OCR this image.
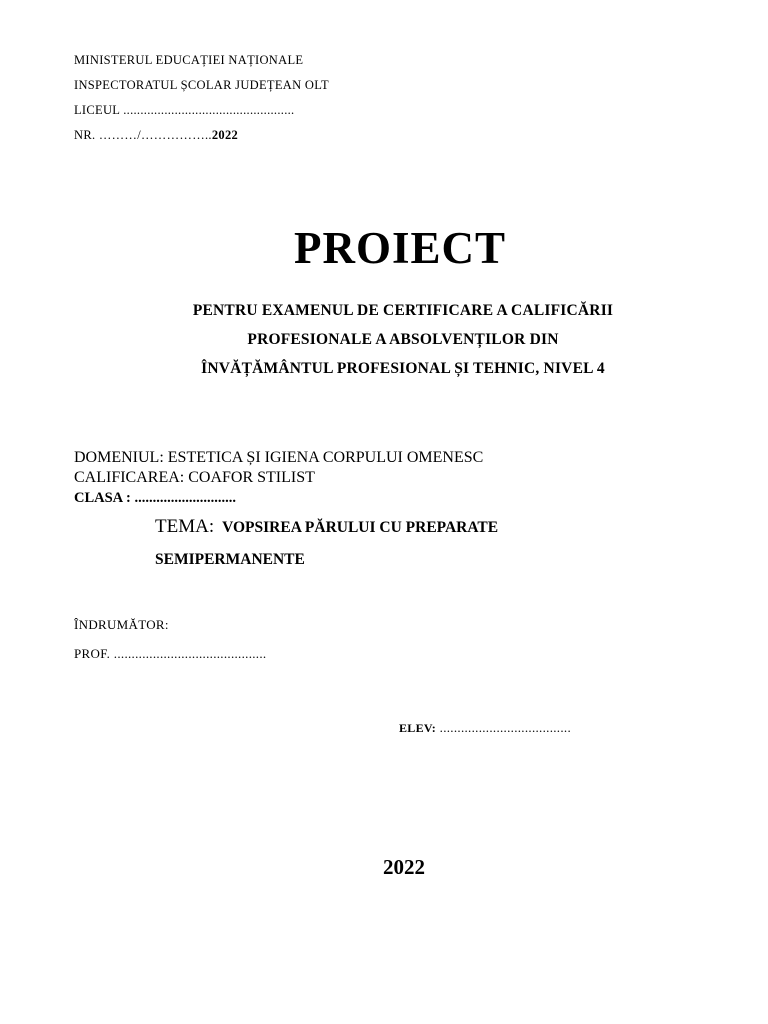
MINISTERUL EDUCAȚIEI NAȚIONALE
INSPECTORATUL ȘCOLAR JUDEȚEAN OLT
LICEUL ..................................................
NR. ………/……………..2022
PROIECT
PENTRU EXAMENUL DE CERTIFICARE A CALIFICĂRII
PROFESIONALE A ABSOLVENȚILOR DIN
ÎNVĂȚĂMÂNTUL PROFESIONAL ȘI TEHNIC, NIVEL 4
DOMENIUL: ESTETICA ȘI IGIENA CORPULUI OMENESC
CALIFICAREA: COAFOR STILIST
CLASA : ............................
TEMA: VOPSIREA PĂRULUI CU PREPARATE
SEMIPERMANENTE
ÎNDRUMĂTOR:
PROF. ...........................................
ELEV: .....................................
2022
